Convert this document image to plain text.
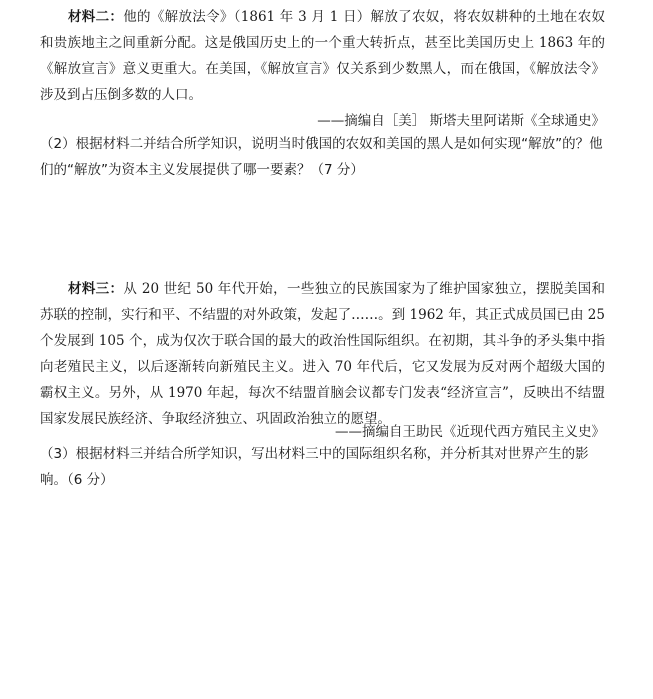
材料二：他的《解放法令》（1861 年 3 月 1 日）解放了农奴，将农奴耕种的土地在农奴和贵族地主之间重新分配。这是俄国历史上的一个重大转折点，甚至比美国历史上 1863 年的《解放宣言》意义更重大。在美国，《解放宣言》仅关系到少数黑人，而在俄国，《解放法令》涉及到占压倒多数的人口。
——摘编自［美］ 斯塔夫里阿诺斯《全球通史》
（2）根据材料二并结合所学知识，说明当时俄国的农奴和美国的黑人是如何实现“解放”的？他们的“解放”为资本主义发展提供了哪一要素？（7 分）
材料三：从 20 世纪 50 年代开始，一些独立的民族国家为了维护国家独立，摆脱美国和苏联的控制，实行和平、不结盟的对外政策，发起了……。到 1962 年，其正式成员国已由 25 个发展到 105 个，成为仅次于联合国的最大的政治性国际组织。在初期，其斗争的矛头集中指向老殖民主义，以后逐渐转向新殖民主义。进入 70 年代后，它又发展为反对两个超级大国的霸权主义。另外，从 1970 年起，每次不结盟首脑会议都专门发表“经济宣言”，反映出不结盟国家发展民族经济、争取经济独立、巩固政治独立的愿望。
——摘编自王助民《近现代西方殖民主义史》
（3）根据材料三并结合所学知识，写出材料三中的国际组织名称，并分析其对世界产生的影响。（6 分）
